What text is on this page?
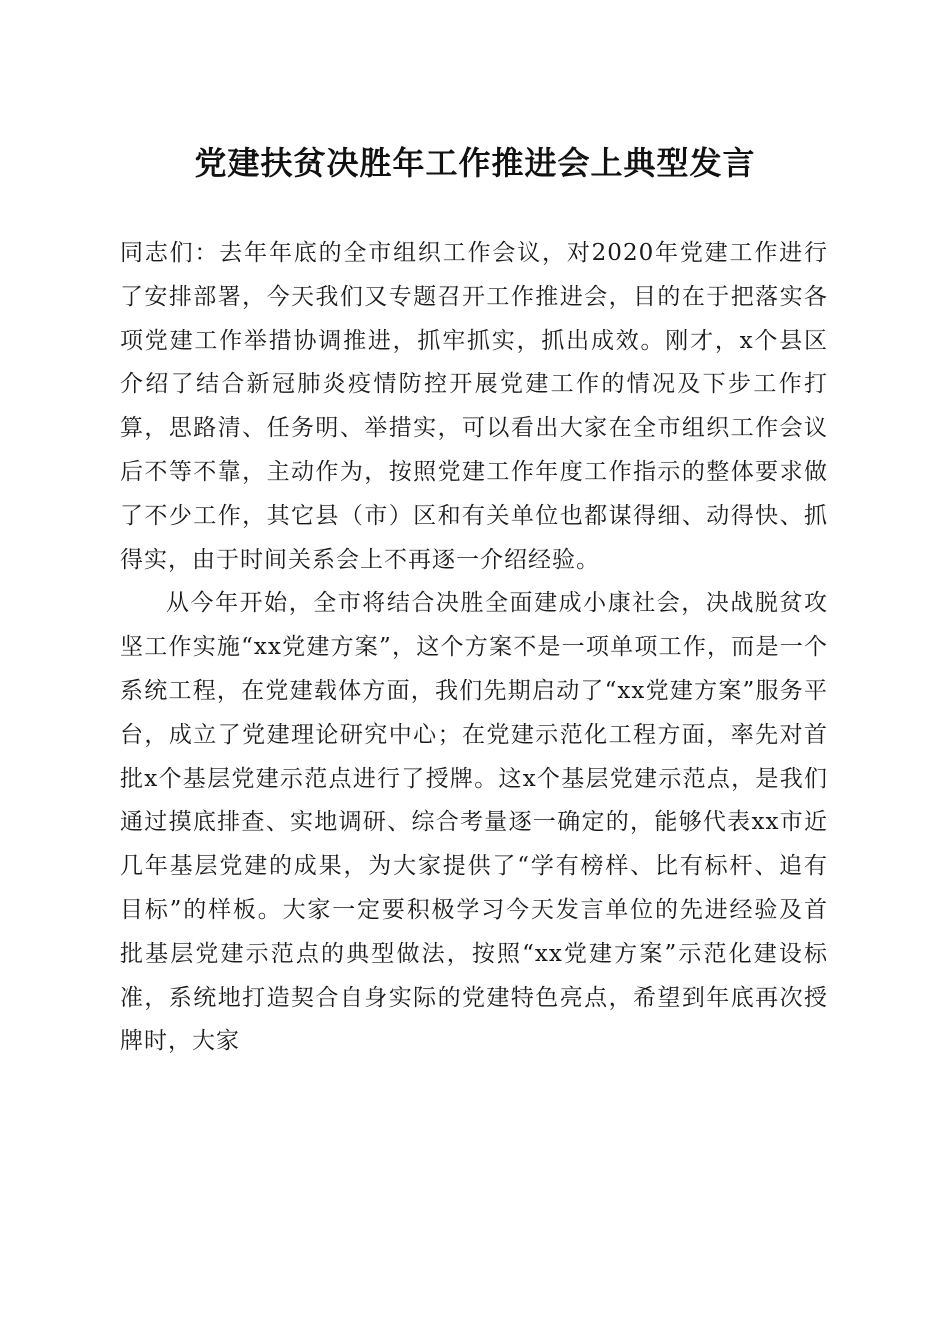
党建扶贫决胜年工作推进会上典型发言

同志们：去年年底的全市组织工作会议，对2020年党建工作进行了安排部署，今天我们又专题召开工作推进会，目的在于把落实各项党建工作举措协调推进，抓牢抓实，抓出成效。刚才，x个县区介绍了结合新冠肺炎疫情防控开展党建工作的情况及下步工作打算，思路清、任务明、举措实，可以看出大家在全市组织工作会议后不等不靠，主动作为，按照党建工作年度工作指示的整体要求做了不少工作，其它县（市）区和有关单位也都谋得细、动得快、抓得实，由于时间关系会上不再逐一介绍经验。

从今年开始，全市将结合决胜全面建成小康社会，决战脱贫攻坚工作实施“xx党建方案”，这个方案不是一项单项工作，而是一个系统工程，在党建载体方面，我们先期启动了“xx党建方案”服务平台，成立了党建理论研究中心；在党建示范化工程方面，率先对首批x个基层党建示范点进行了授牌。这x个基层党建示范点，是我们通过摸底排查、实地调研、综合考量逐一确定的，能够代表xx市近几年基层党建的成果，为大家提供了“学有榜样、比有标杆、追有目标”的样板。大家一定要积极学习今天发言单位的先进经验及首批基层党建示范点的典型做法，按照“xx党建方案”示范化建设标准，系统地打造契合自身实际的党建特色亮点，希望到年底再次授牌时，大家
